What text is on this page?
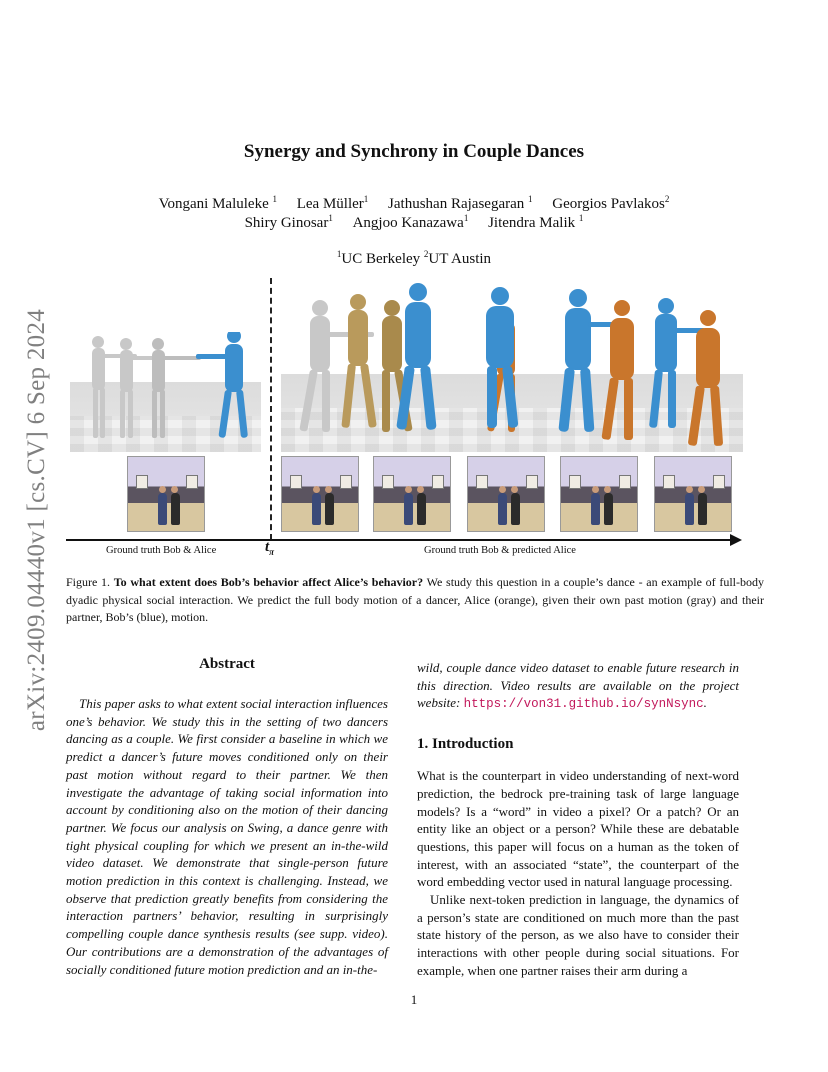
arXiv:2409.04440v1 [cs.CV] 6 Sep 2024
Synergy and Synchrony in Couple Dances
Vongani Maluleke $^1$ Lea Müller$^1$ Jathushan Rajasegaran $^1$ Georgios Pavlakos$^2$
Shiry Ginosar$^1$ Angjoo Kanazawa$^1$ Jitendra Malik $^1$
$^1$UC Berkeley $^2$UT Austin
$t_\pi$
Ground truth Bob & Alice	Ground truth Bob & predicted Alice

Figure 1. To what extent does Bob’s behavior affect Alice’s behavior? We study this question in a couple’s dance - an example of full-body dyadic physical social interaction. We predict the full body motion of a dancer, Alice (orange), given their own past motion (gray) and their partner, Bob’s (blue), motion.

Abstract

This paper asks to what extent social interaction influences one’s behavior. We study this in the setting of two dancers dancing as a couple. We first consider a baseline in which we predict a dancer’s future moves conditioned only on their past motion without regard to their partner. We then investigate the advantage of taking social information into account by conditioning also on the motion of their dancing partner. We focus our analysis on Swing, a dance genre with tight physical coupling for which we present an in-the-wild video dataset. We demonstrate that single-person future motion prediction in this context is challenging. Instead, we observe that prediction greatly benefits from considering the interaction partners’ behavior, resulting in surprisingly compelling couple dance synthesis results (see supp. video). Our contributions are a demonstration of the advantages of socially conditioned future motion prediction and an in-the-

wild, couple dance video dataset to enable future research in this direction. Video results are available on the project website: https://von31.github.io/synNsync.

1. Introduction

What is the counterpart in video understanding of next-word prediction, the bedrock pre-training task of large language models? Is a “word” in video a pixel? Or a patch? Or an entity like an object or a person? While these are debatable questions, this paper will focus on a human as the token of interest, with an associated “state”, the counterpart of the word embedding vector used in natural language processing.

Unlike next-token prediction in language, the dynamics of a person’s state are conditioned on much more than the past state history of the person, as we also have to consider their interactions with other people during social situations. For example, when one partner raises their arm during a

1
